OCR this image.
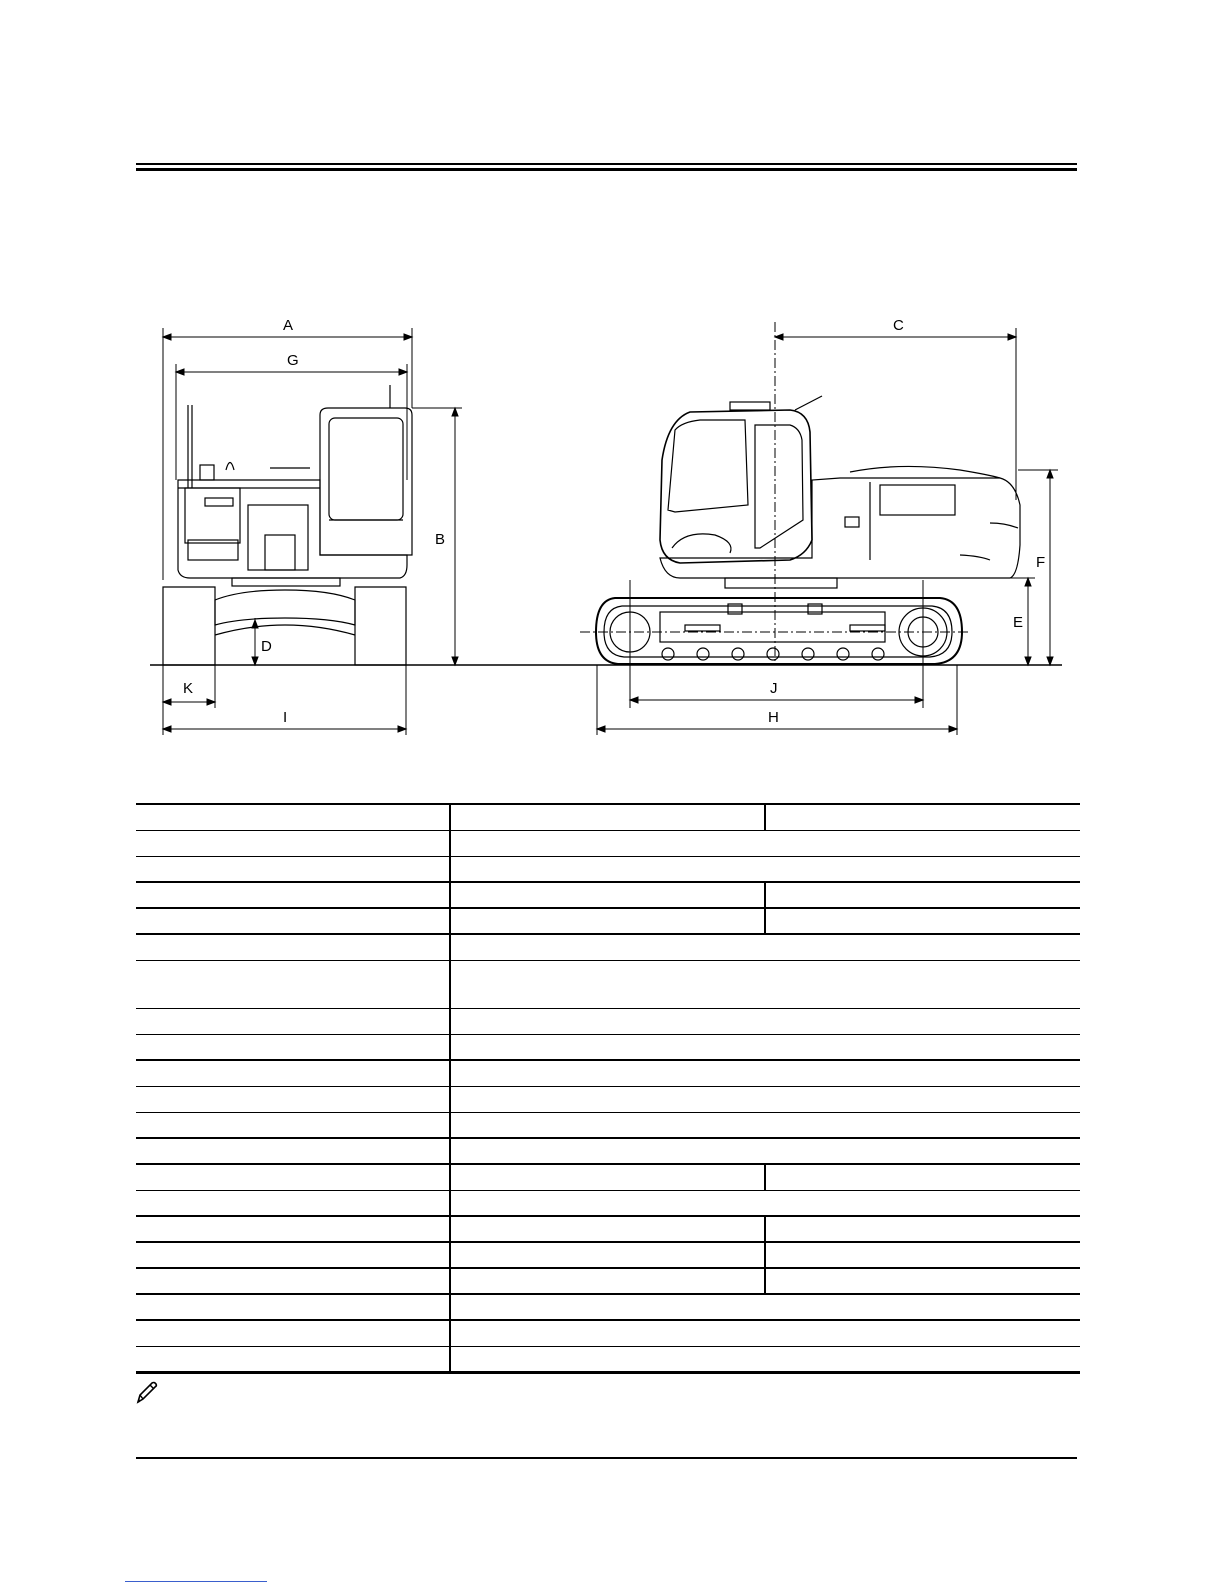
A
G
B
D
K
I
C
F
E
J
H
